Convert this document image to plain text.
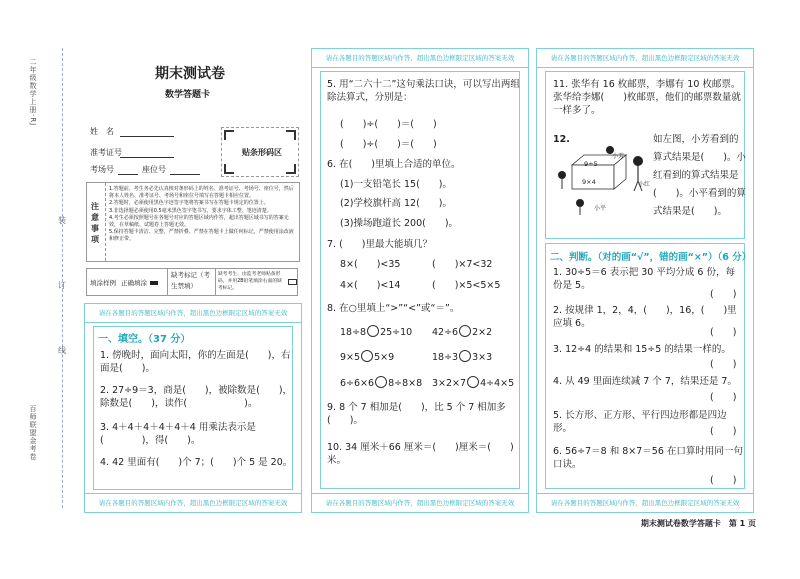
二年级数学上册·RJ
百师联盟金考卷
装
订
线
期末测试卷
数学答题卡
姓　名
准考证号
考场号	座位号
贴条形码区
注意事项
1.答题前，考生务必先认真核对条形码上的姓名、准考证号、考场号、座位号，然后将本人姓名、准考证号、考场号和座位号填写在答题卡相应位置。
2.答题时，必须使用黑色字迹签字笔将答案书写在答题卡规定的位置上。
3.非选择题必须使用0.5毫米黑色签字笔书写，要求字体工整、笔迹清楚。
4.考生必须按照题号在各题号对应的答题区域内作答，超出答题区域书写的答案无效，在草稿纸、试题卷上答题无效。
5.保持答题卡清洁、完整，严禁折叠、严禁在答题卡上做任何标记，严禁使用涂改液和修正带。
填涂样例 正确填涂
缺考标记（考生禁填）
缺考考生，由监考老师贴条形码，并用2B铅笔填涂右面的缺考标记。
请在各题目的答题区域内作答，超出黑色边框限定区域的答案无效
请在各题目的答题区域内作答，超出黑色边框限定区域的答案无效
一、填空。（37 分）
1. 傍晚时，面向太阳，你的左面是(　　)，右面是(　　)。
2. 27÷9＝3，商是(　　)，被除数是(　　)，除数是(　　)，读作(　　　　　　)。
3. 4＋4＋4＋4＋4＋4 用乘法表示是(　　　　)，得(　　)。
4. 42 里面有(　　)个 7；(　　)个 5 是 20。
请在各题目的答题区域内作答，超出黑色边框限定区域的答案无效
请在各题目的答题区域内作答，超出黑色边框限定区域的答案无效
5. 用“二六十二”这句乘法口诀，可以写出两组除法算式，分别是：
(　　)÷(　　)＝(　　)
(　　)÷(　　)＝(　　)
6. 在(　　)里填上合适的单位。
(1)一支铅笔长 15(　　)。
(2)学校旗杆高 12(　　)。
(3)操场跑道长 200(　　)。
7. (　　)里最大能填几？
8×(　　)<35	(　　)×7<32
4×(　　)<14	(　　)×5<5×5
8. 在○里填上“>”“<”或“＝”。
18÷8 25÷10 42÷6 2×2
9×5 5×9	18÷3 3×3
6÷6×6 8÷8×8 3×2×7 4÷4×5
9. 8 个 7 相加是(　　)，比 5 个 7 相加多(　　)。
10. 34 厘米＋66 厘米＝(　　)厘米＝(　　)米。
请在各题目的答题区域内作答，超出黑色边框限定区域的答案无效
请在各题目的答题区域内作答，超出黑色边框限定区域的答案无效
11. 张华有 16 枚邮票，李娜有 10 枚邮票。张华给李娜(　　)枚邮票，他们的邮票数量就一样多了。
12.	如左图，小芳看到的算式结果是(　　)。小红看到的算式结果是(　　)。小平看到的算式结果是(　　)。
9÷5
9×4
小芳
小红
小平
二、判断。（对的画“√”，错的画“×”）（6 分）
1. 30÷5＝6 表示把 30 平均分成 6 份，每份是 5。
(　　)
2. 按规律 1，2，4，(　　)，16，(　　)里应填 6。
(　　)
3. 12÷4 的结果和 15÷5 的结果一样的。
(　　)
4. 从 49 里面连续减 7 个 7，结果还是 7。
(　　)
5. 长方形、正方形、平行四边形都是四边形。	(　　)
6. 56÷7＝8 和 8×7＝56 在口算时用同一句口诀。
(　　)
期末测试卷数学答题卡　第 1 页
